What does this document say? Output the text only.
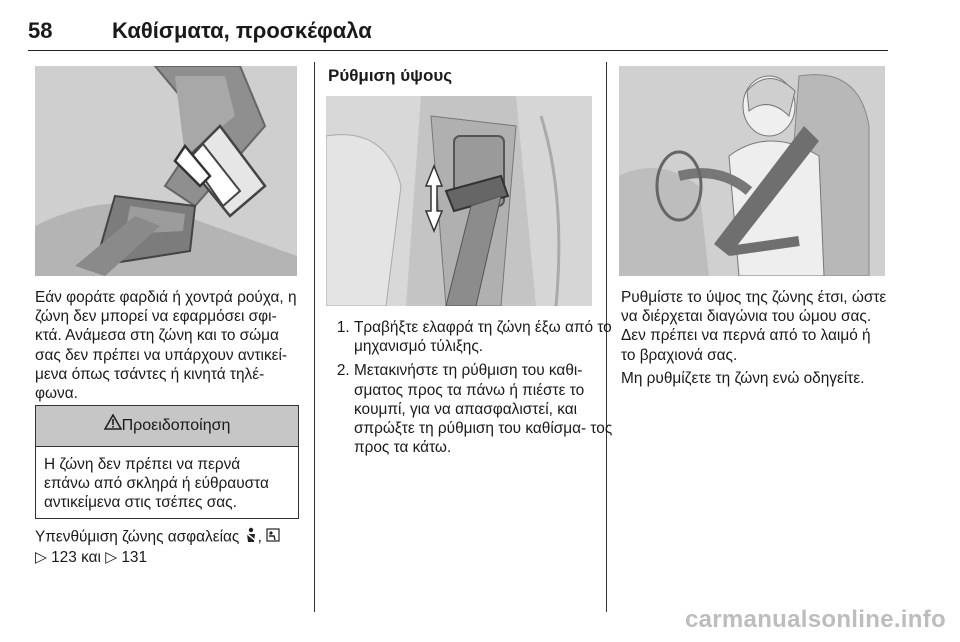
58	Καθίσματα, προσκέφαλα

Εάν φοράτε φαρδιά ή χοντρά ρούχα, η ζώνη δεν μπορεί να εφαρμόσει σφι- κτά. Ανάμεσα στη ζώνη και το σώμα σας δεν πρέπει να υπάρχουν αντικεί- μενα όπως τσάντες ή κινητά τηλέ- φωνα.

Προειδοποίηση
Η ζώνη δεν πρέπει να περνά επάνω από σκληρά ή εύθραυστα αντικείμενα στις τσέπες σας.
Υπενθύμιση ζώνης ασφαλείας ,
▷ 123 και ▷ 131
Ρύθμιση ύψους
1. Τραβήξτε ελαφρά τη ζώνη έξω από το μηχανισμό τύλιξης.
2. Μετακινήστε τη ρύθμιση του καθι- σματος προς τα πάνω ή πιέστε το κουμπί, για να απασφαλιστεί, και σπρώξτε τη ρύθμιση του καθίσμα- τος προς τα κάτω.

Ρυθμίστε το ύψος της ζώνης έτσι, ώστε να διέρχεται διαγώνια του ώμου σας. Δεν πρέπει να περνά από το λαιμό ή το βραχιονά σας.

Μη ρυθμίζετε τη ζώνη ενώ οδηγείτε.

carmanualsonline.info
